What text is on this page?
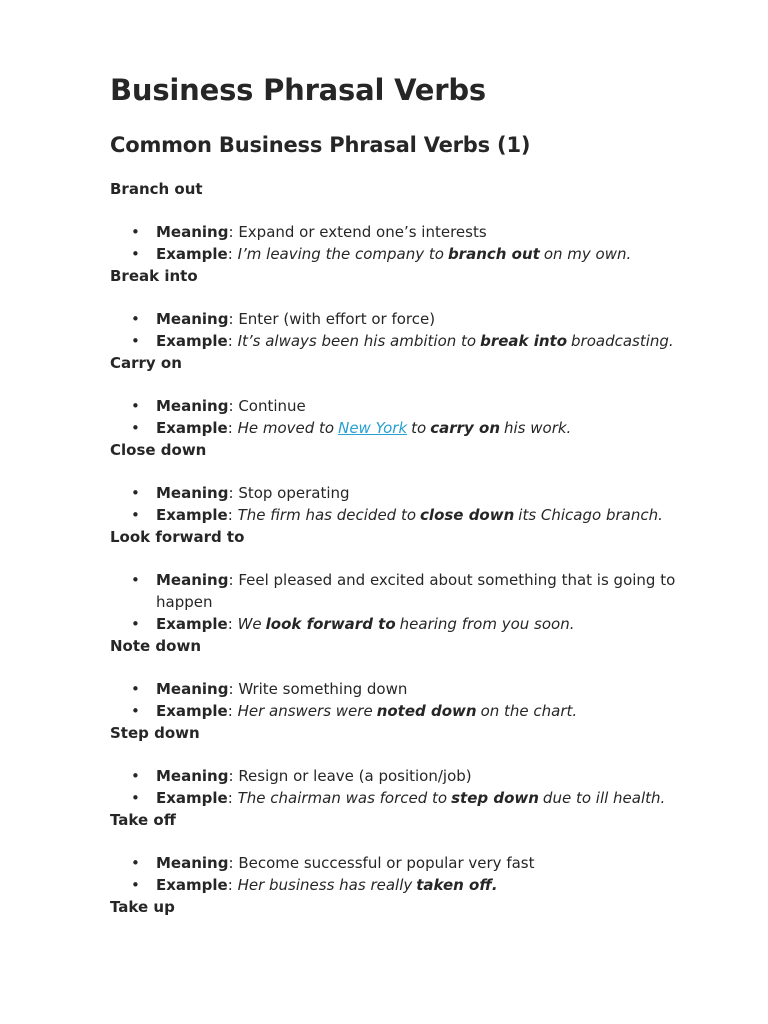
Business Phrasal Verbs
Common Business Phrasal Verbs (1)
Branch out
• Meaning: Expand or extend one’s interests
• Example: I’m leaving the company to branch out on my own.
Break into
• Meaning: Enter (with effort or force)
• Example: It’s always been his ambition to break into broadcasting.
Carry on
• Meaning: Continue
• Example: He moved to New York to carry on his work.
Close down
• Meaning: Stop operating
• Example: The firm has decided to close down its Chicago branch.
Look forward to
• Meaning: Feel pleased and excited about something that is going to happen
• Example: We look forward to hearing from you soon.
Note down
• Meaning: Write something down
• Example: Her answers were noted down on the chart.
Step down
• Meaning: Resign or leave (a position/job)
• Example: The chairman was forced to step down due to ill health.
Take off
• Meaning: Become successful or popular very fast
• Example: Her business has really taken off.
Take up
